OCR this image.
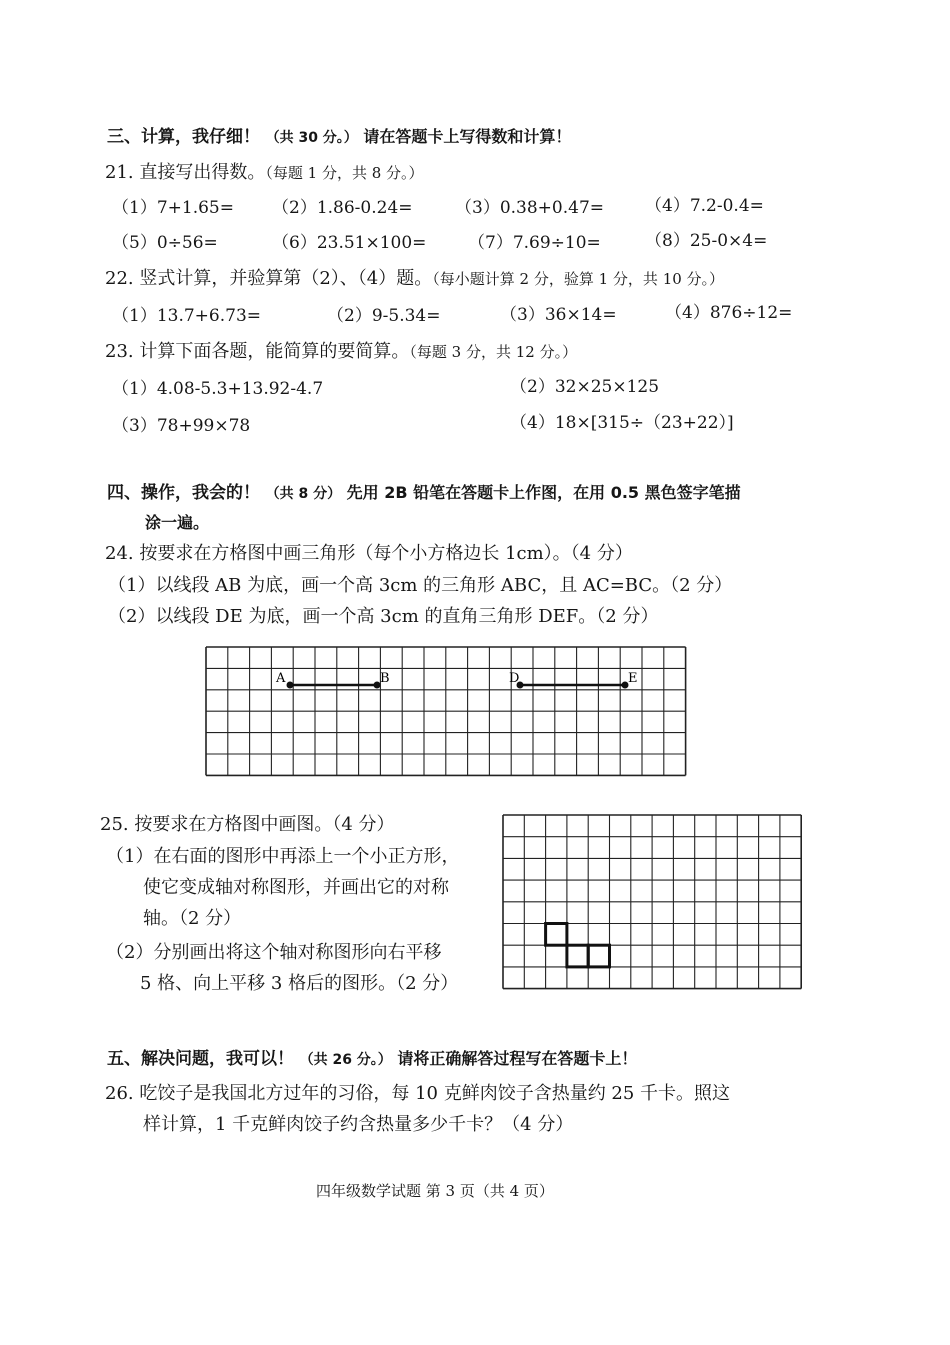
三、计算，我仔细！ （共 30 分。） 请在答题卡上写得数和计算！
21. 直接写出得数。（每题 1 分，共 8 分。）
（1）7+1.65= （2）1.86-0.24= （3）0.38+0.47= （4）7.2-0.4=
（5）0÷56=	（6）23.51×100= （7）7.69÷10=	（8）25-0×4=
22. 竖式计算，并验算第（2）、（4）题。（每小题计算 2 分，验算 1 分，共 10 分。）
（1）13.7+6.73=	（2）9-5.34=	（3）36×14=	（4）876÷12=
23. 计算下面各题，能简算的要简算。（每题 3 分，共 12 分。）
（1）4.08-5.3+13.92-4.7	（2）32×25×125
（3）78+99×78	（4）18×[315÷（23+22）]
四、操作，我会的！ （共 8 分） 先用 2B 铅笔在答题卡上作图，在用 0.5 黑色签字笔描
涂一遍。
24. 按要求在方格图中画三角形（每个小方格边长 1cm）。（4 分）
（1）以线段 AB 为底，画一个高 3cm 的三角形 ABC，且 AC=BC。（2 分）
（2）以线段 DE 为底，画一个高 3cm 的直角三角形 DEF。（2 分）
A	B	D	E
25. 按要求在方格图中画图。（4 分）
（1）在右面的图形中再添上一个小正方形，
使它变成轴对称图形，并画出它的对称
轴。（2 分）
（2）分别画出将这个轴对称图形向右平移
5 格、向上平移 3 格后的图形。（2 分）
五、解决问题，我可以！ （共 26 分。） 请将正确解答过程写在答题卡上！
26. 吃饺子是我国北方过年的习俗，每 10 克鲜肉饺子含热量约 25 千卡。照这
样计算，1 千克鲜肉饺子约含热量多少千卡？（4 分）
四年级数学试题 第 3 页（共 4 页）
